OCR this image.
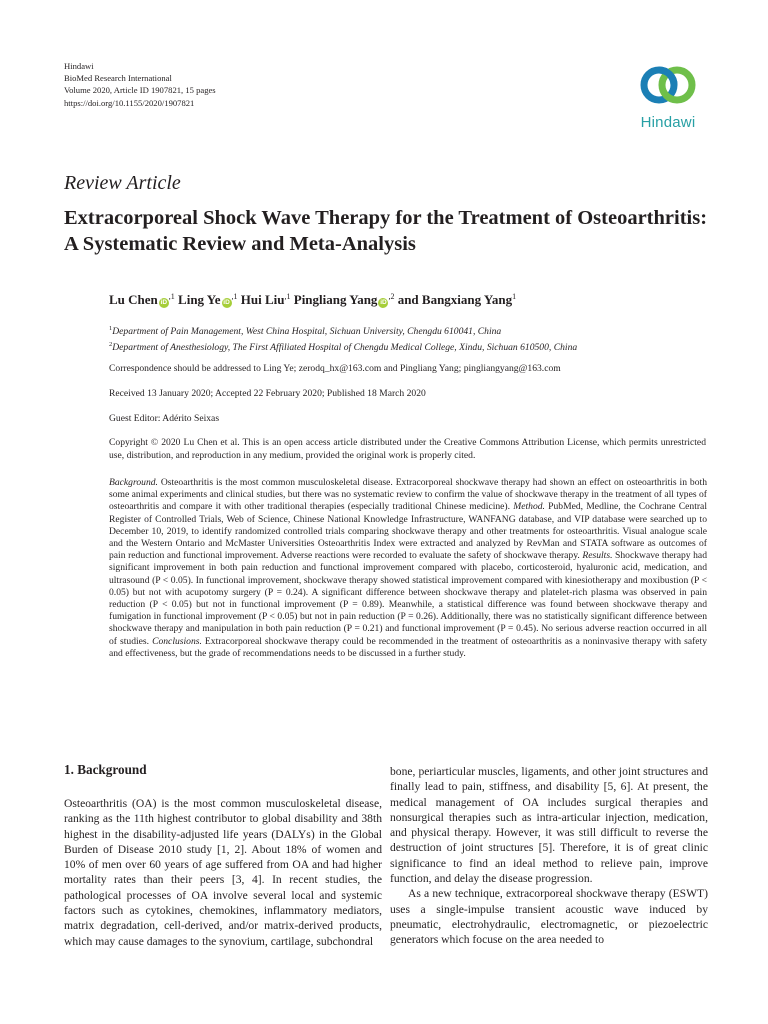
Hindawi
BioMed Research International
Volume 2020, Article ID 1907821, 15 pages
https://doi.org/10.1155/2020/1907821
Hindawi
Review Article
Extracorporeal Shock Wave Therapy for the Treatment of Osteoarthritis: A Systematic Review and Meta-Analysis
Lu Chen $iD^{,1}$ Ling Ye $iD^{,1}$ Hui Liu$^{,1}$ Pingliang Yang $iD^{,2}$ and Bangxiang Yang$^1$
$^1$Department of Pain Management, West China Hospital, Sichuan University, Chengdu 610041, China
$^2$Department of Anesthesiology, The First Affiliated Hospital of Chengdu Medical College, Xindu, Sichuan 610500, China
Correspondence should be addressed to Ling Ye; zerodq_hx@163.com and Pingliang Yang; pingliangyang@163.com
Received 13 January 2020; Accepted 22 February 2020; Published 18 March 2020
Guest Editor: Adérito Seixas
Copyright © 2020 Lu Chen et al. This is an open access article distributed under the Creative Commons Attribution License, which permits unrestricted use, distribution, and reproduction in any medium, provided the original work is properly cited.
Background. Osteoarthritis is the most common musculoskeletal disease. Extracorporeal shockwave therapy had shown an effect on osteoarthritis in both some animal experiments and clinical studies, but there was no systematic review to confirm the value of shockwave therapy in the treatment of all types of osteoarthritis and compare it with other traditional therapies (especially traditional Chinese medicine). Method. PubMed, Medline, the Cochrane Central Register of Controlled Trials, Web of Science, Chinese National Knowledge Infrastructure, WANFANG database, and VIP database were searched up to December 10, 2019, to identify randomized controlled trials comparing shockwave therapy and other treatments for osteoarthritis. Visual analogue scale and the Western Ontario and McMaster Universities Osteoarthritis Index were extracted and analyzed by RevMan and STATA software as outcomes of pain reduction and functional improvement. Adverse reactions were recorded to evaluate the safety of shockwave therapy. Results. Shockwave therapy had significant improvement in both pain reduction and functional improvement compared with placebo, corticosteroid, hyaluronic acid, medication, and ultrasound (P < 0.05). In functional improvement, shockwave therapy showed statistical improvement compared with kinesiotherapy and moxibustion (P < 0.05) but not with acupotomy surgery (P = 0.24). A significant difference between shockwave therapy and platelet-rich plasma was observed in pain reduction (P < 0.05) but not in functional improvement (P = 0.89). Meanwhile, a statistical difference was found between shockwave therapy and fumigation in functional improvement (P < 0.05) but not in pain reduction (P = 0.26). Additionally, there was no statistically significant difference between shockwave therapy and manipulation in both pain reduction (P = 0.21) and functional improvement (P = 0.45). No serious adverse reaction occurred in all of studies. Conclusions. Extracorporeal shockwave therapy could be recommended in the treatment of osteoarthritis as a noninvasive therapy with safety and effectiveness, but the grade of recommendations needs to be discussed in a further study.
1. Background

Osteoarthritis (OA) is the most common musculoskeletal disease, ranking as the 11th highest contributor to global disability and 38th highest in the disability-adjusted life years (DALYs) in the Global Burden of Disease 2010 study [1, 2]. About 18% of women and 10% of men over 60 years of age suffered from OA and had higher mortality rates than their peers [3, 4]. In recent studies, the pathological processes of OA involve several local and systemic factors such as cytokines, chemokines, inflammatory mediators, matrix degradation, cell-derived, and/or matrix-derived products, which may cause damages to the synovium, cartilage, subchondral

bone, periarticular muscles, ligaments, and other joint structures and finally lead to pain, stiffness, and disability [5, 6]. At present, the medical management of OA includes surgical therapies and nonsurgical therapies such as intra-articular injection, medication, and physical therapy. However, it was still difficult to reverse the destruction of joint structures [5]. Therefore, it is of great clinic significance to find an ideal method to relieve pain, improve function, and delay the disease progression.

As a new technique, extracorporeal shockwave therapy (ESWT) uses a single-impulse transient acoustic wave induced by pneumatic, electrohydraulic, electromagnetic, or piezoelectric generators which focuse on the area needed to
